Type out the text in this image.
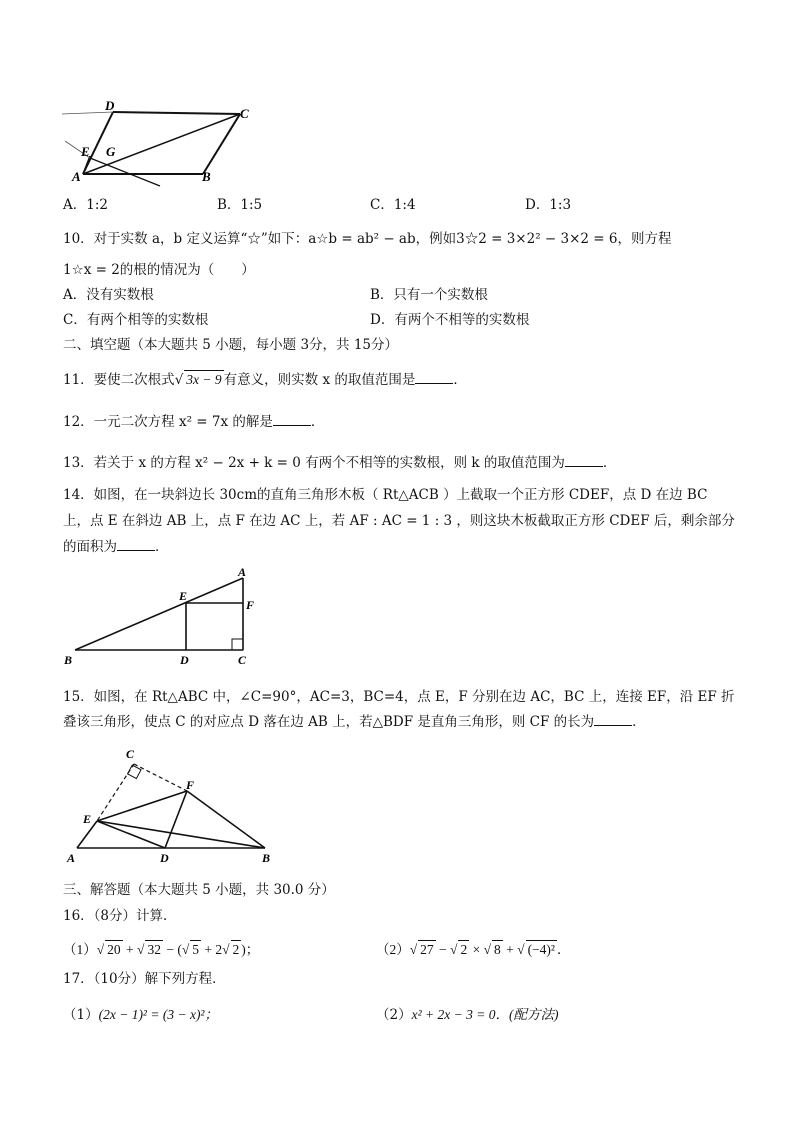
D
C
E G
A	B
A．1:2	B．1:5	C．1:4	D．1:3
10．对于实数 a，b 定义运算“☆”如下：a☆b = ab² − ab，例如3☆2 = 3×2² − 3×2 = 6，则方程
1☆x = 2的根的情况为（　　）
A．没有实数根	B．只有一个实数根
C．有两个相等的实数根	D．有两个不相等的实数根
二、填空题（本大题共 5 小题，每小题 3分，共 15分）
11．要使二次根式√ 3x − 9 有意义，则实数 x 的取值范围是	．
12．一元二次方程 x² = 7x 的解是	．
13．若关于 x 的方程 x² − 2x + k = 0 有两个不相等的实数根，则 k 的取值范围为	．
14．如图，在一块斜边长 30cm的直角三角形木板（ Rt△ACB ）上截取一个正方形 CDEF，点 D 在边 BC
上，点 E 在斜边 AB 上，点 F 在边 AC 上，若 AF : AC = 1 : 3 ，则这块木板截取正方形 CDEF 后，剩余部分
的面积为	．
A
E
F
B	D	C
15．如图，在 Rt△ABC 中，∠C=90°，AC=3，BC=4，点 E，F 分别在边 AC，BC 上，连接 EF，沿 EF 折
叠该三角形，使点 C 的对应点 D 落在边 AB 上，若△BDF 是直角三角形，则 CF 的长为	．
C
F
E
A	D	B
三、解答题（本大题共 5 小题，共 30.0 分）
16．（8分）计算．
（1）√ 20 + √ 32 − (√ 5 + 2√ 2 )；	（2）√ 27 − √ 2 × √ 8 + √ (−4)² ．
17．（10分）解下列方程．
（1）(2x − 1)² = (3 − x)²；	（2）x² + 2x − 3 = 0．(配方法)
